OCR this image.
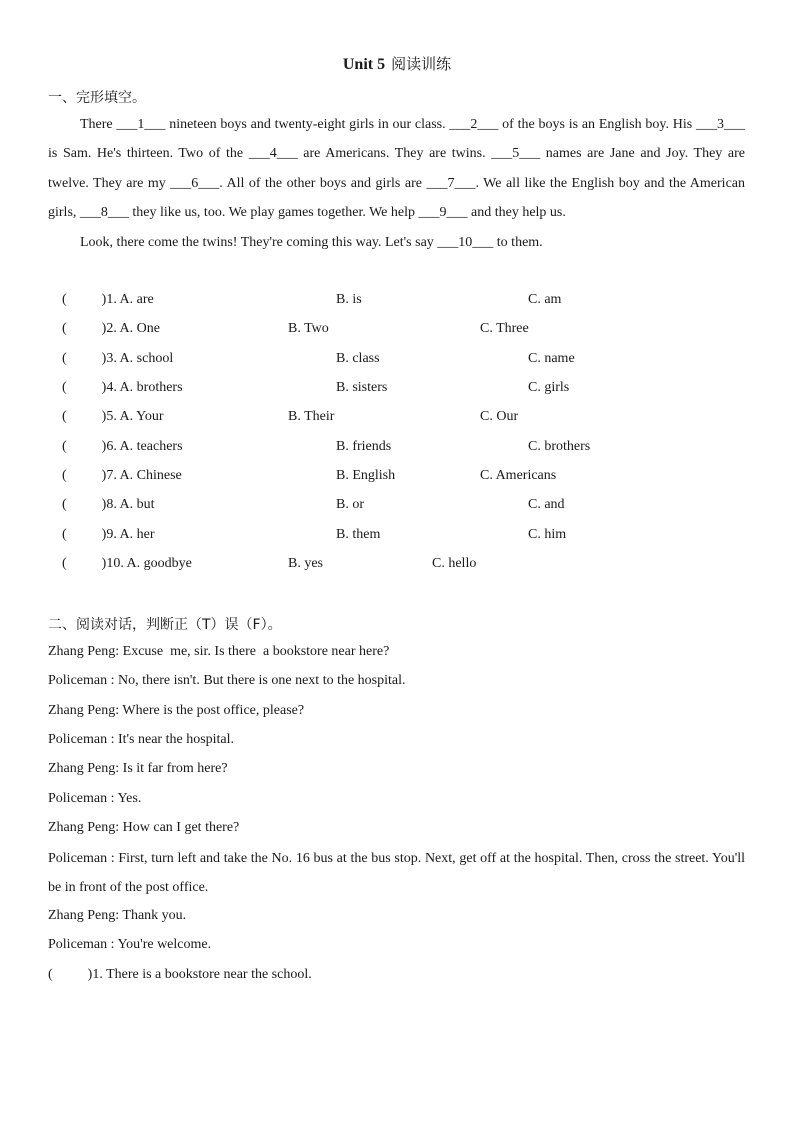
Unit 5 阅读训练
一、完形填空。

There ___1___ nineteen boys and twenty-eight girls in our class. ___2___ of the boys is an English boy. His ___3___ is Sam. He's thirteen. Two of the ___4___ are Americans. They are twins. ___5___ names are Jane and Joy. They are twelve. They are my ___6___. All of the other boys and girls are ___7___. We all like the English boy and the American girls, ___8___ they like us, too. We play games together. We help ___9___ and they help us.

Look, there come the twins! They're coming this way. Let's say ___10___ to them.

(          )1. A. are	B. is	C. am
(          )2. A. One	B. Two	C. Three
(          )3. A. school	B. class	C. name
(          )4. A. brothers	B. sisters	C. girls
(          )5. A. Your	B. Their	C. Our
(          )6. A. teachers	B. friends	C. brothers
(          )7. A. Chinese	B. English	C. Americans
(          )8. A. but	B. or	C. and
(          )9. A. her	B. them	C. him
(          )10. A. goodbye	B. yes	C. hello
二、阅读对话，判断正（T）误（F）。
Zhang Peng: Excuse  me, sir. Is there  a bookstore near here?
Policeman : No, there isn't. But there is one next to the hospital.
Zhang Peng: Where is the post office, please?
Policeman : It's near the hospital.
Zhang Peng: Is it far from here?
Policeman : Yes.
Zhang Peng: How can I get there?
Policeman : First, turn left and take the No. 16 bus at the bus stop. Next, get off at the hospital. Then, cross the street. You'll be in front of the post office.
Zhang Peng: Thank you.
Policeman : You're welcome.
(          )1. There is a bookstore near the school.
